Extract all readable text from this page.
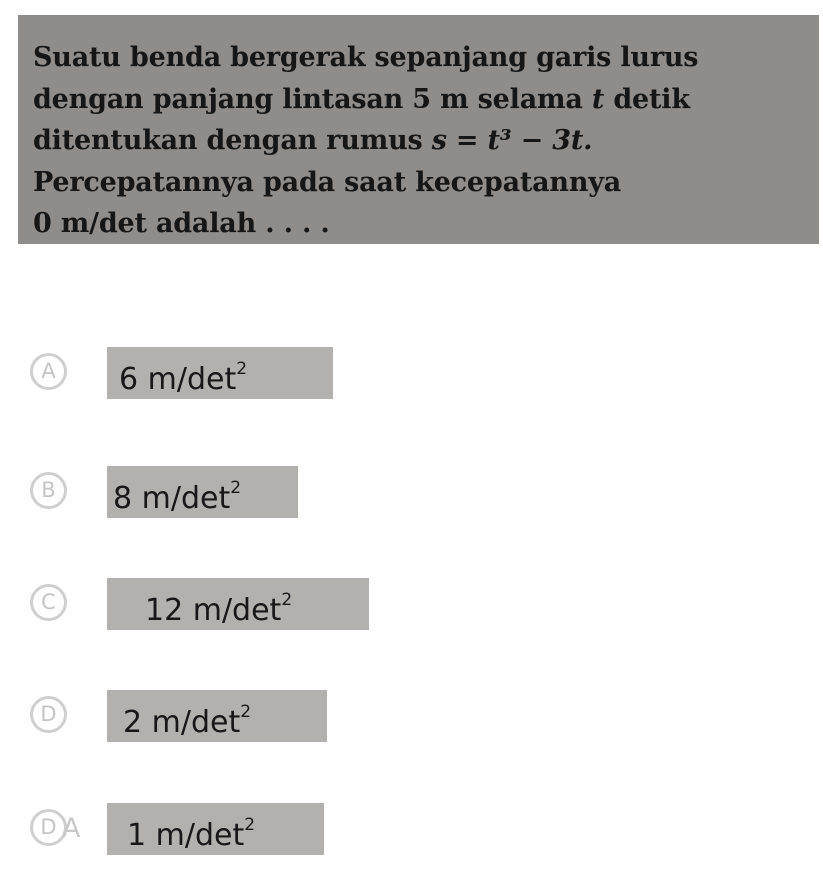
Suatu benda bergerak sepanjang garis lurus
dengan panjang lintasan 5 m selama t detik
ditentukan dengan rumus s = t³ − 3t.
Percepatannya pada saat kecepatannya
0 m/det adalah . . . .
A	6 $m/\det^2$
B	8 $m/\det^2$
C	12 $m/\det^2$
D	2 $m/\det^2$
D A	1 $m/\det^2$
